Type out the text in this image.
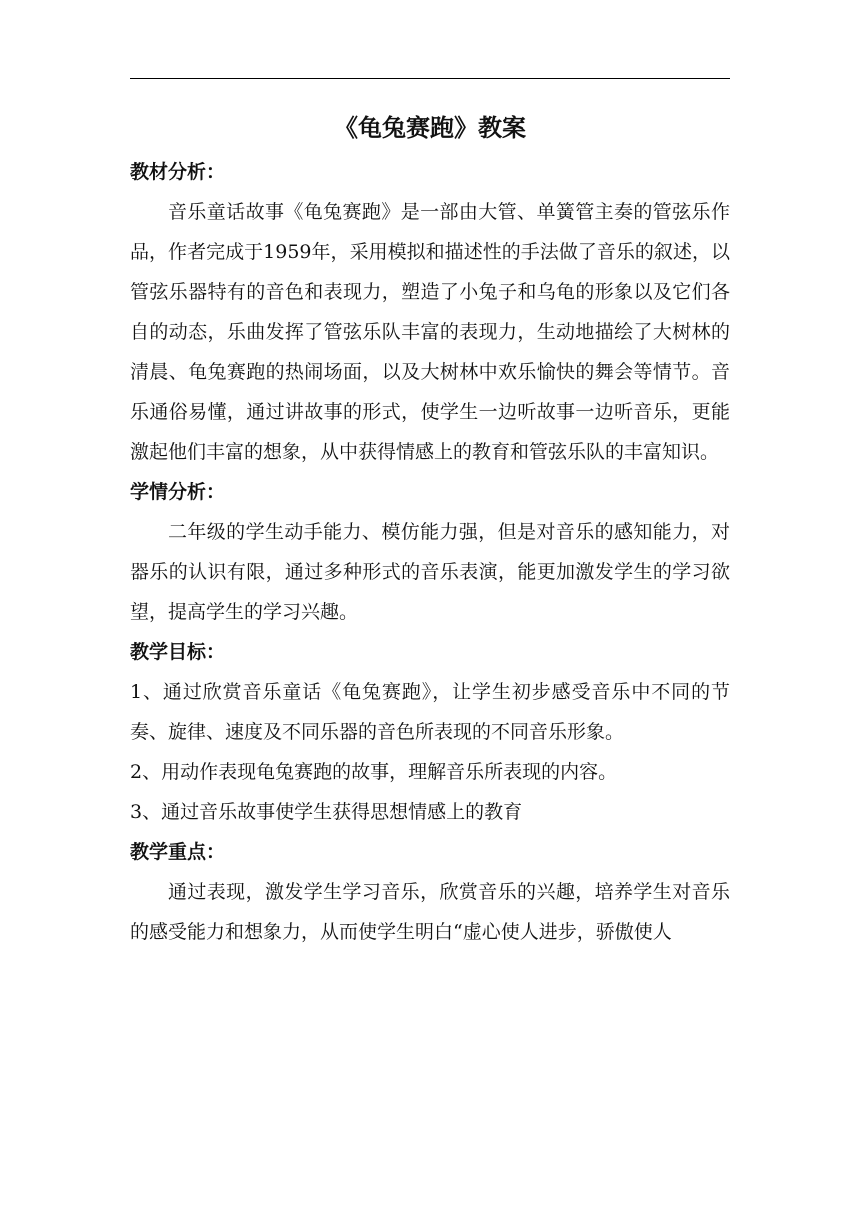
《龟兔赛跑》教案
教材分析：

音乐童话故事《龟兔赛跑》是一部由大管、单簧管主奏的管弦乐作品，作者完成于1959年，采用模拟和描述性的手法做了音乐的叙述，以管弦乐器特有的音色和表现力，塑造了小兔子和乌龟的形象以及它们各自的动态，乐曲发挥了管弦乐队丰富的表现力，生动地描绘了大树林的清晨、龟兔赛跑的热闹场面，以及大树林中欢乐愉快的舞会等情节。音乐通俗易懂，通过讲故事的形式，使学生一边听故事一边听音乐，更能激起他们丰富的想象，从中获得情感上的教育和管弦乐队的丰富知识。

学情分析：

二年级的学生动手能力、模仿能力强，但是对音乐的感知能力，对器乐的认识有限，通过多种形式的音乐表演，能更加激发学生的学习欲望，提高学生的学习兴趣。

教学目标：

1、通过欣赏音乐童话《龟兔赛跑》，让学生初步感受音乐中不同的节奏、旋律、速度及不同乐器的音色所表现的不同音乐形象。

2、用动作表现龟兔赛跑的故事，理解音乐所表现的内容。

3、通过音乐故事使学生获得思想情感上的教育

教学重点：

通过表现，激发学生学习音乐，欣赏音乐的兴趣，培养学生对音乐的感受能力和想象力，从而使学生明白“虚心使人进步，骄傲使人
